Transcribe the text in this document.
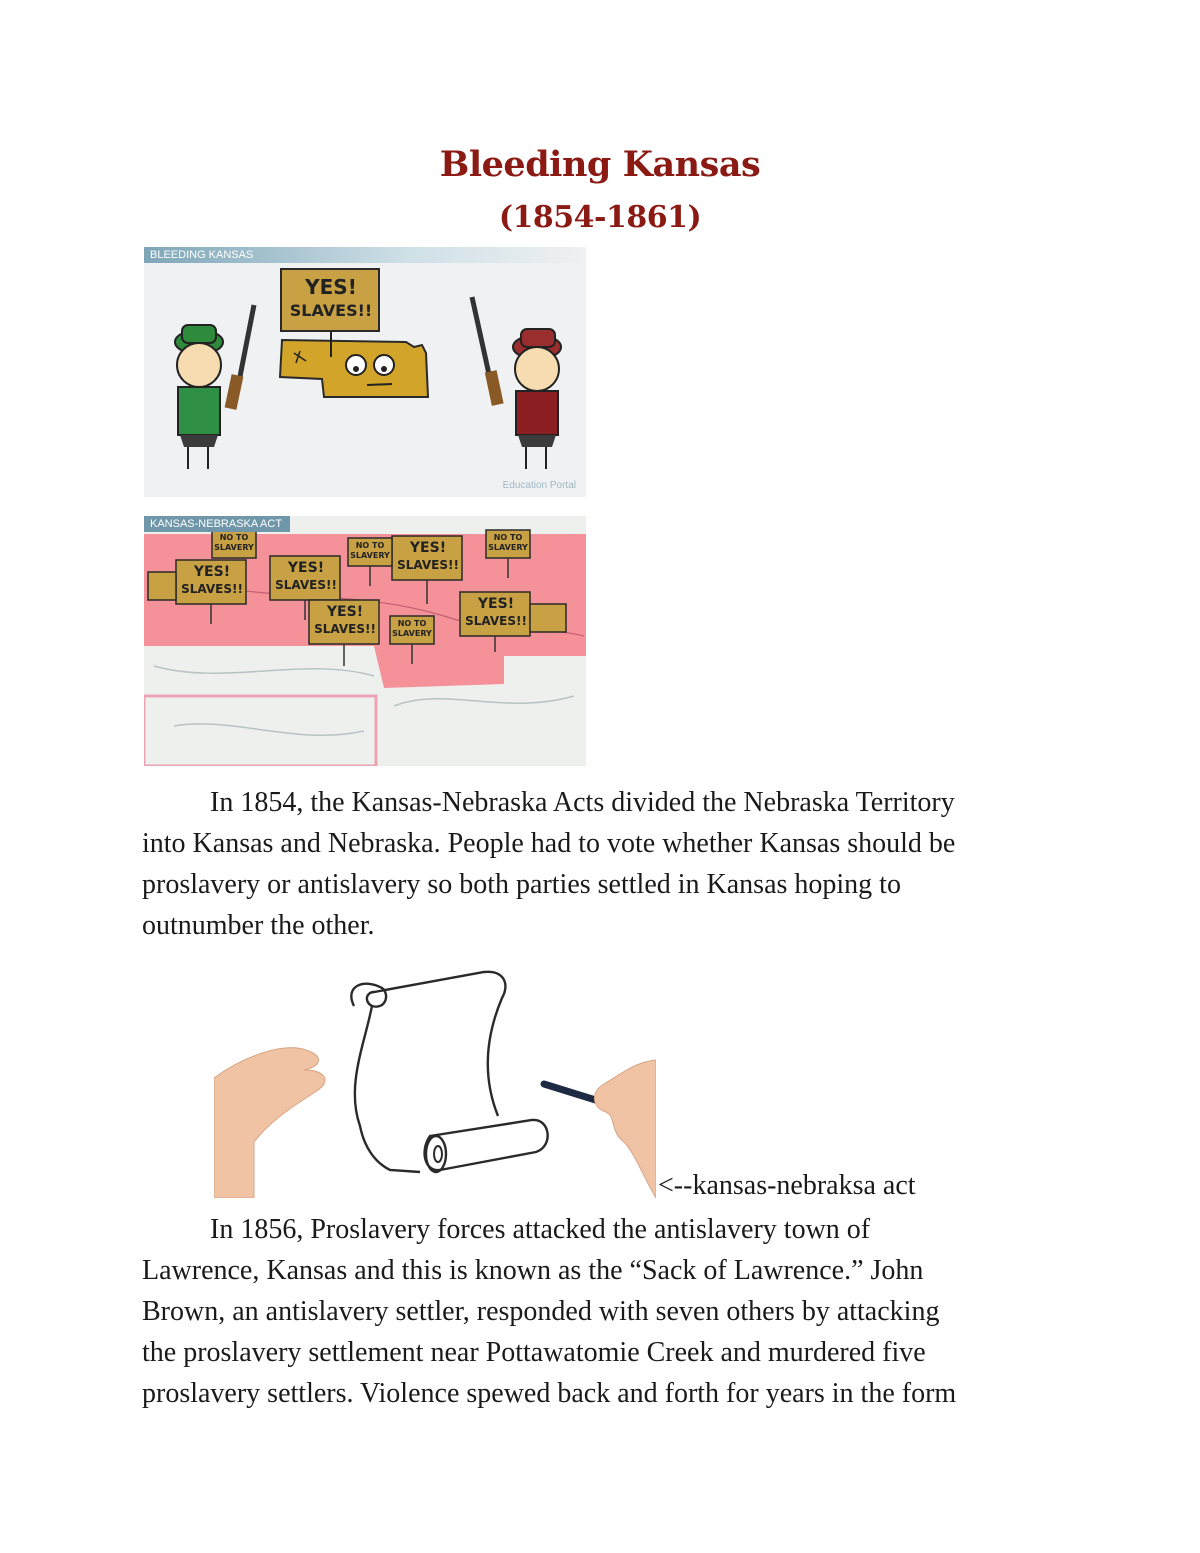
Bleeding Kansas
(1854-1861)
BLEEDING KANSAS
YES!
SLAVES!!
Education Portal
KANSAS-NEBRASKA ACT
YES!
SLAVES!!
YES!
SLAVES!!
YES!
SLAVES!!
YES!
SLAVES!!
YES!
SLAVES!!
NO TO
SLAVERY	NO TO
SLAVERY
NO TO
SLAVERY
NO TO
SLAVERY
In 1854, the Kansas-Nebraska Acts divided the Nebraska Territory
into Kansas and Nebraska. People had to vote whether Kansas should be
proslavery or antislavery so both parties settled in Kansas hoping to
outnumber the other.
<--kansas-nebraksa act
In 1856, Proslavery forces attacked the antislavery town of
Lawrence, Kansas and this is known as the “Sack of Lawrence.” John
Brown, an antislavery settler, responded with seven others by attacking
the proslavery settlement near Pottawatomie Creek and murdered five
proslavery settlers. Violence spewed back and forth for years in the form
